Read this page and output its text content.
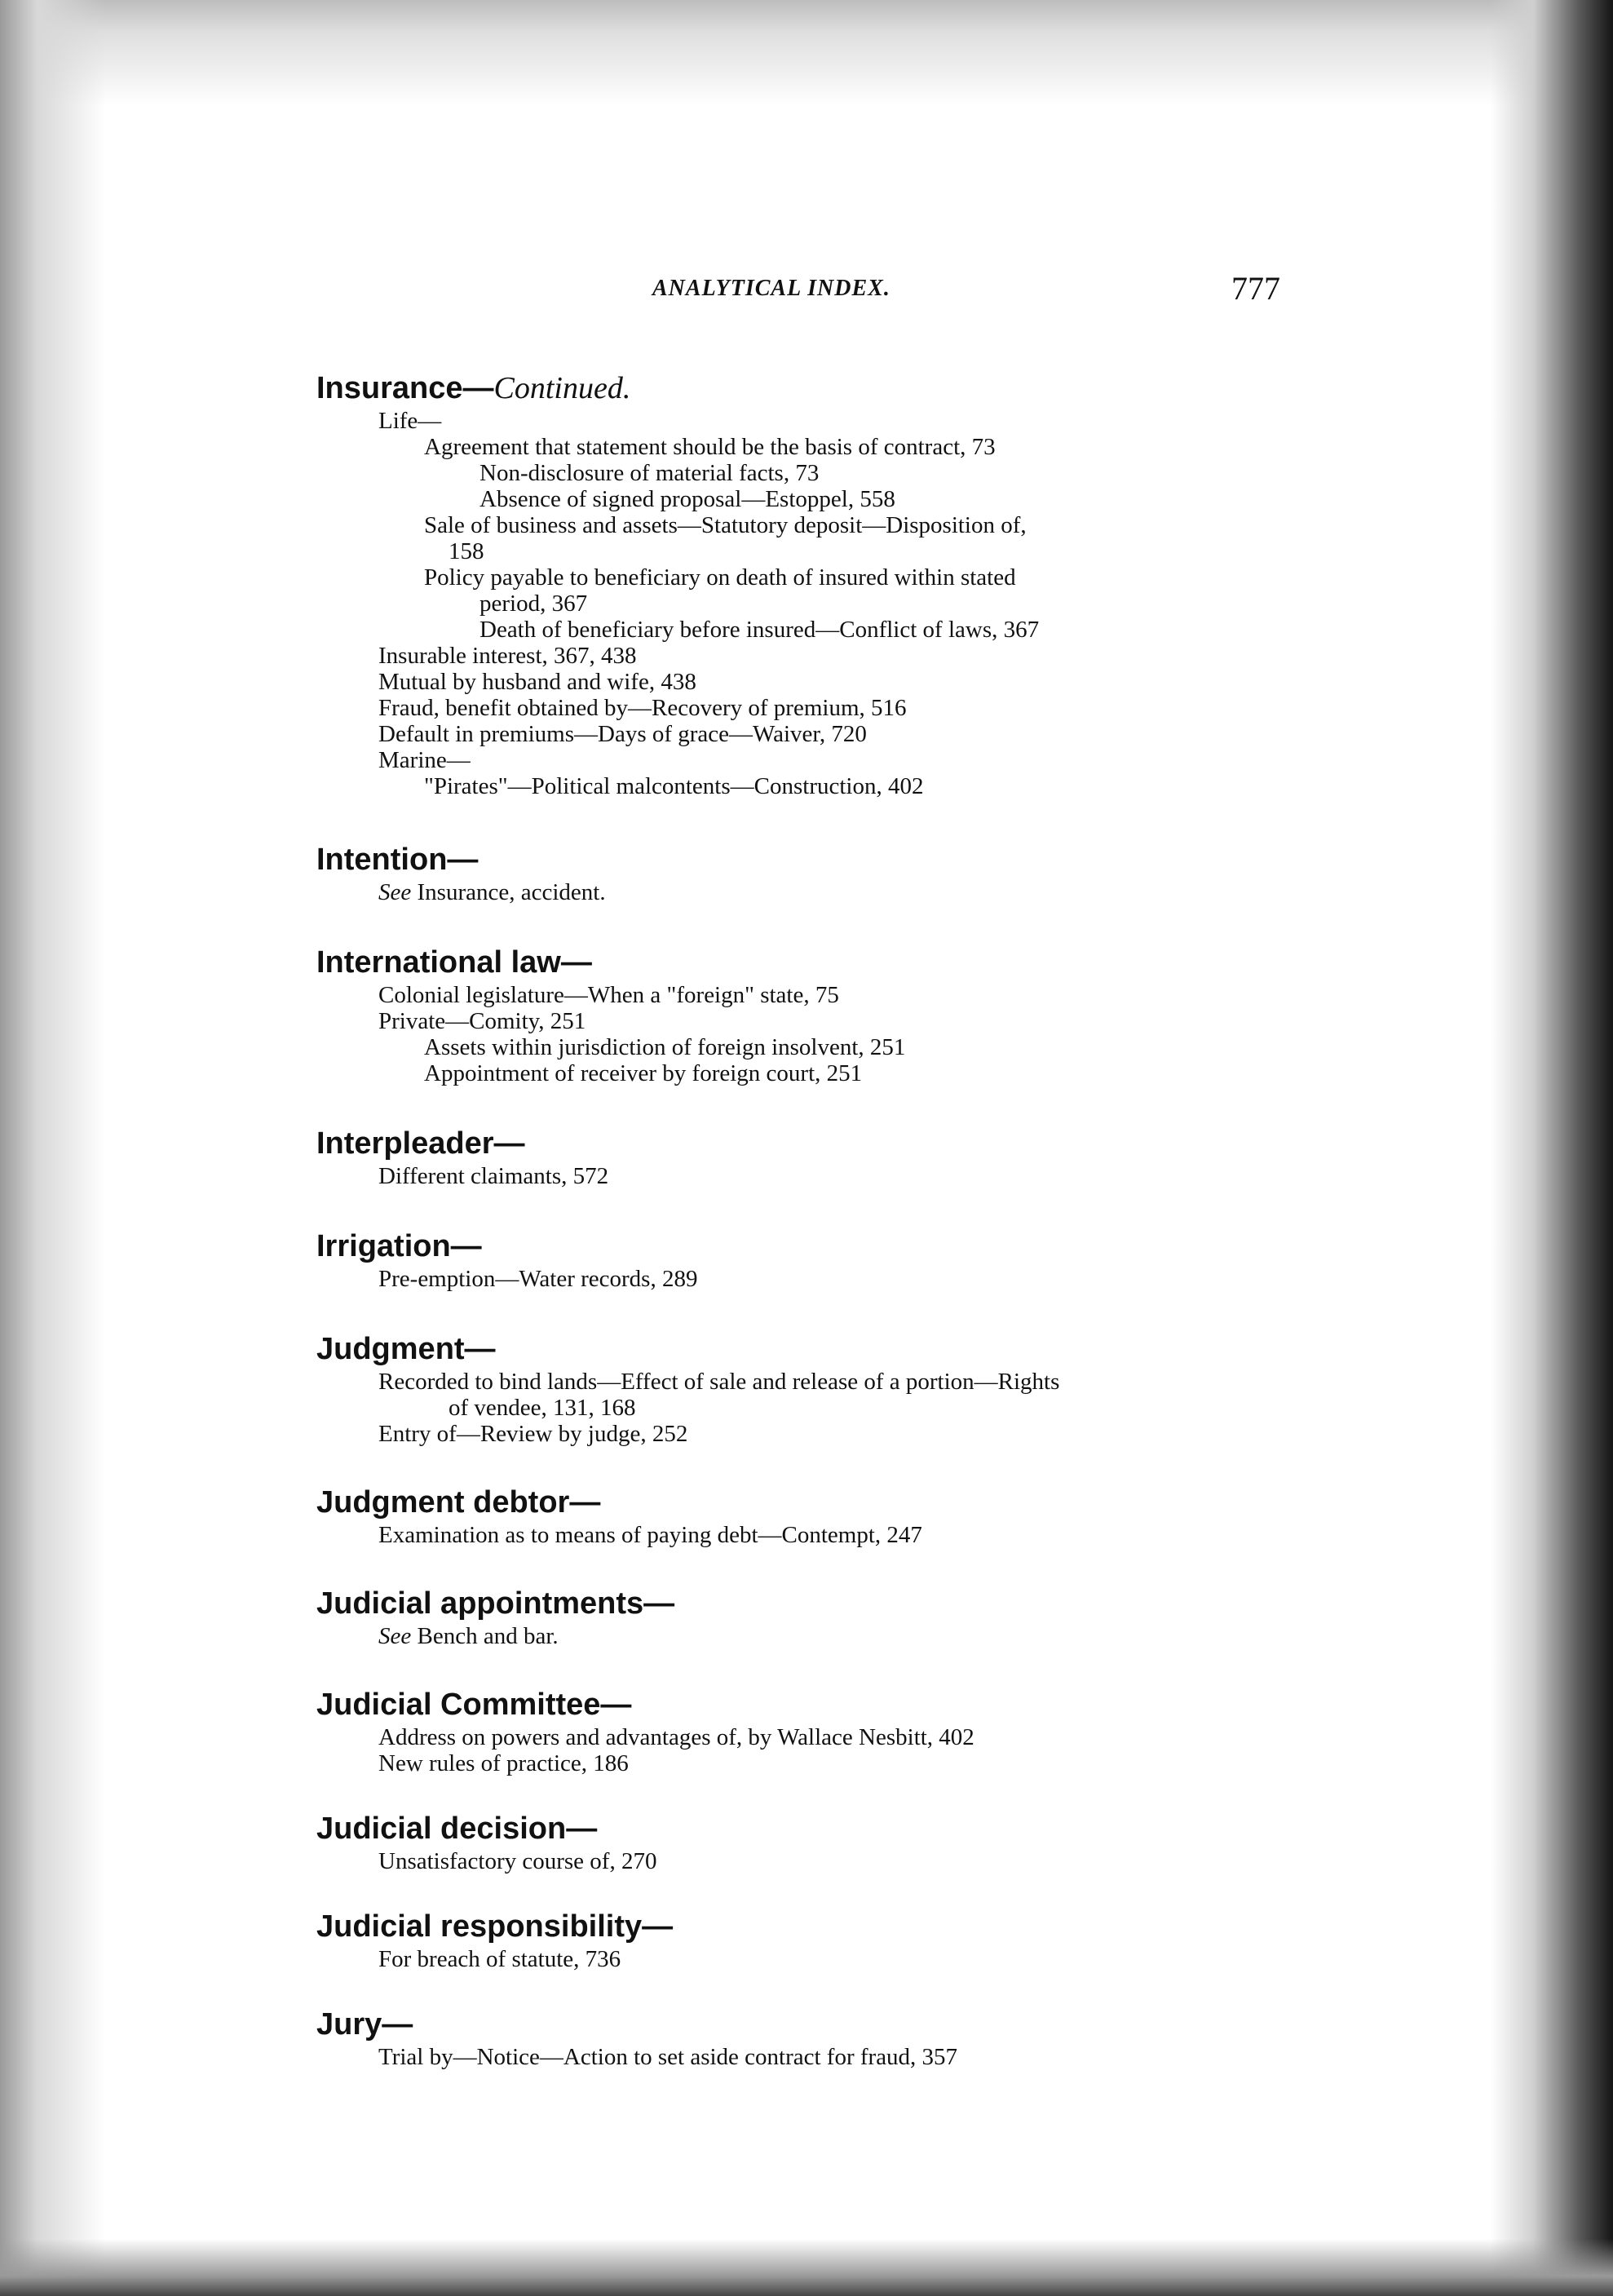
ANALYTICAL INDEX.	777
Insurance—Continued.
Life—
Agreement that statement should be the basis of contract, 73
Non-disclosure of material facts, 73
Absence of signed proposal—Estoppel, 558
Sale of business and assets—Statutory deposit—Disposition of,
158
Policy payable to beneficiary on death of insured within stated
period, 367
Death of beneficiary before insured—Conflict of laws, 367
Insurable interest, 367, 438
Mutual by husband and wife, 438
Fraud, benefit obtained by—Recovery of premium, 516
Default in premiums—Days of grace—Waiver, 720
Marine—
"Pirates"—Political malcontents—Construction, 402
Intention—
See Insurance, accident.
International law—
Colonial legislature—When a "foreign" state, 75
Private—Comity, 251
Assets within jurisdiction of foreign insolvent, 251
Appointment of receiver by foreign court, 251
Interpleader—
Different claimants, 572
Irrigation—
Pre-emption—Water records, 289
Judgment—
Recorded to bind lands—Effect of sale and release of a portion—Rights
of vendee, 131, 168
Entry of—Review by judge, 252
Judgment debtor—
Examination as to means of paying debt—Contempt, 247
Judicial appointments—
See Bench and bar.
Judicial Committee—
Address on powers and advantages of, by Wallace Nesbitt, 402
New rules of practice, 186
Judicial decision—
Unsatisfactory course of, 270
Judicial responsibility—
For breach of statute, 736
Jury—
Trial by—Notice—Action to set aside contract for fraud, 357
